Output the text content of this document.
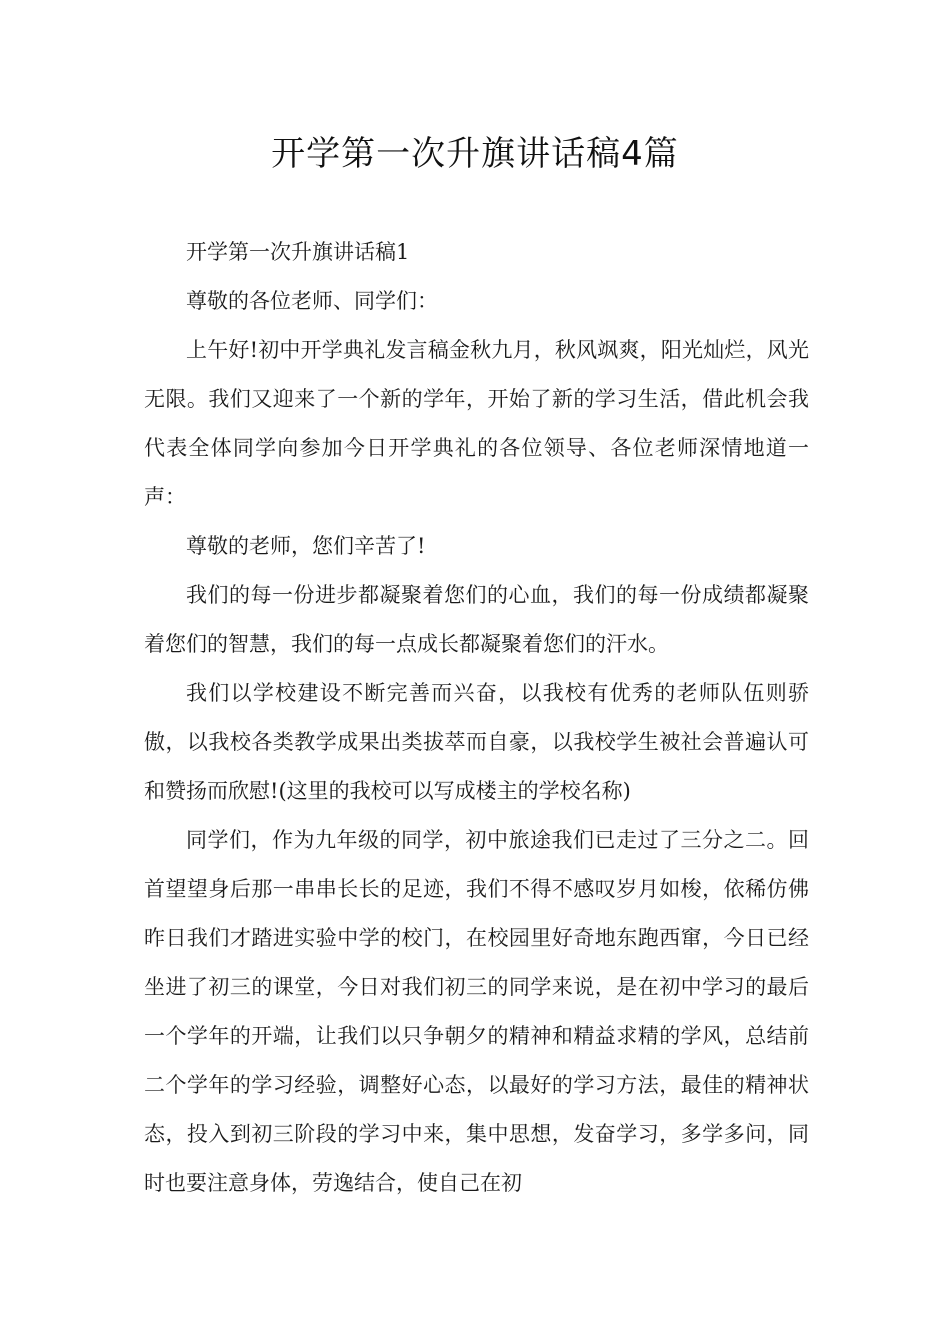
开学第一次升旗讲话稿4篇

开学第一次升旗讲话稿1

尊敬的各位老师、同学们：

上午好!初中开学典礼发言稿金秋九月，秋风飒爽，阳光灿烂，风光无限。我们又迎来了一个新的学年，开始了新的学习生活，借此机会我代表全体同学向参加今日开学典礼的各位领导、各位老师深情地道一声：

尊敬的老师，您们辛苦了!

我们的每一份进步都凝聚着您们的心血，我们的每一份成绩都凝聚着您们的智慧，我们的每一点成长都凝聚着您们的汗水。

我们以学校建设不断完善而兴奋，以我校有优秀的老师队伍则骄傲，以我校各类教学成果出类拔萃而自豪，以我校学生被社会普遍认可和赞扬而欣慰!(这里的我校可以写成楼主的学校名称)

同学们，作为九年级的同学，初中旅途我们已走过了三分之二。回首望望身后那一串串长长的足迹，我们不得不感叹岁月如梭，依稀仿佛昨日我们才踏进实验中学的校门，在校园里好奇地东跑西窜，今日已经坐进了初三的课堂，今日对我们初三的同学来说，是在初中学习的最后一个学年的开端，让我们以只争朝夕的精神和精益求精的学风，总结前二个学年的学习经验，调整好心态，以最好的学习方法，最佳的精神状态，投入到初三阶段的学习中来，集中思想，发奋学习，多学多问，同时也要注意身体，劳逸结合，使自己在初
